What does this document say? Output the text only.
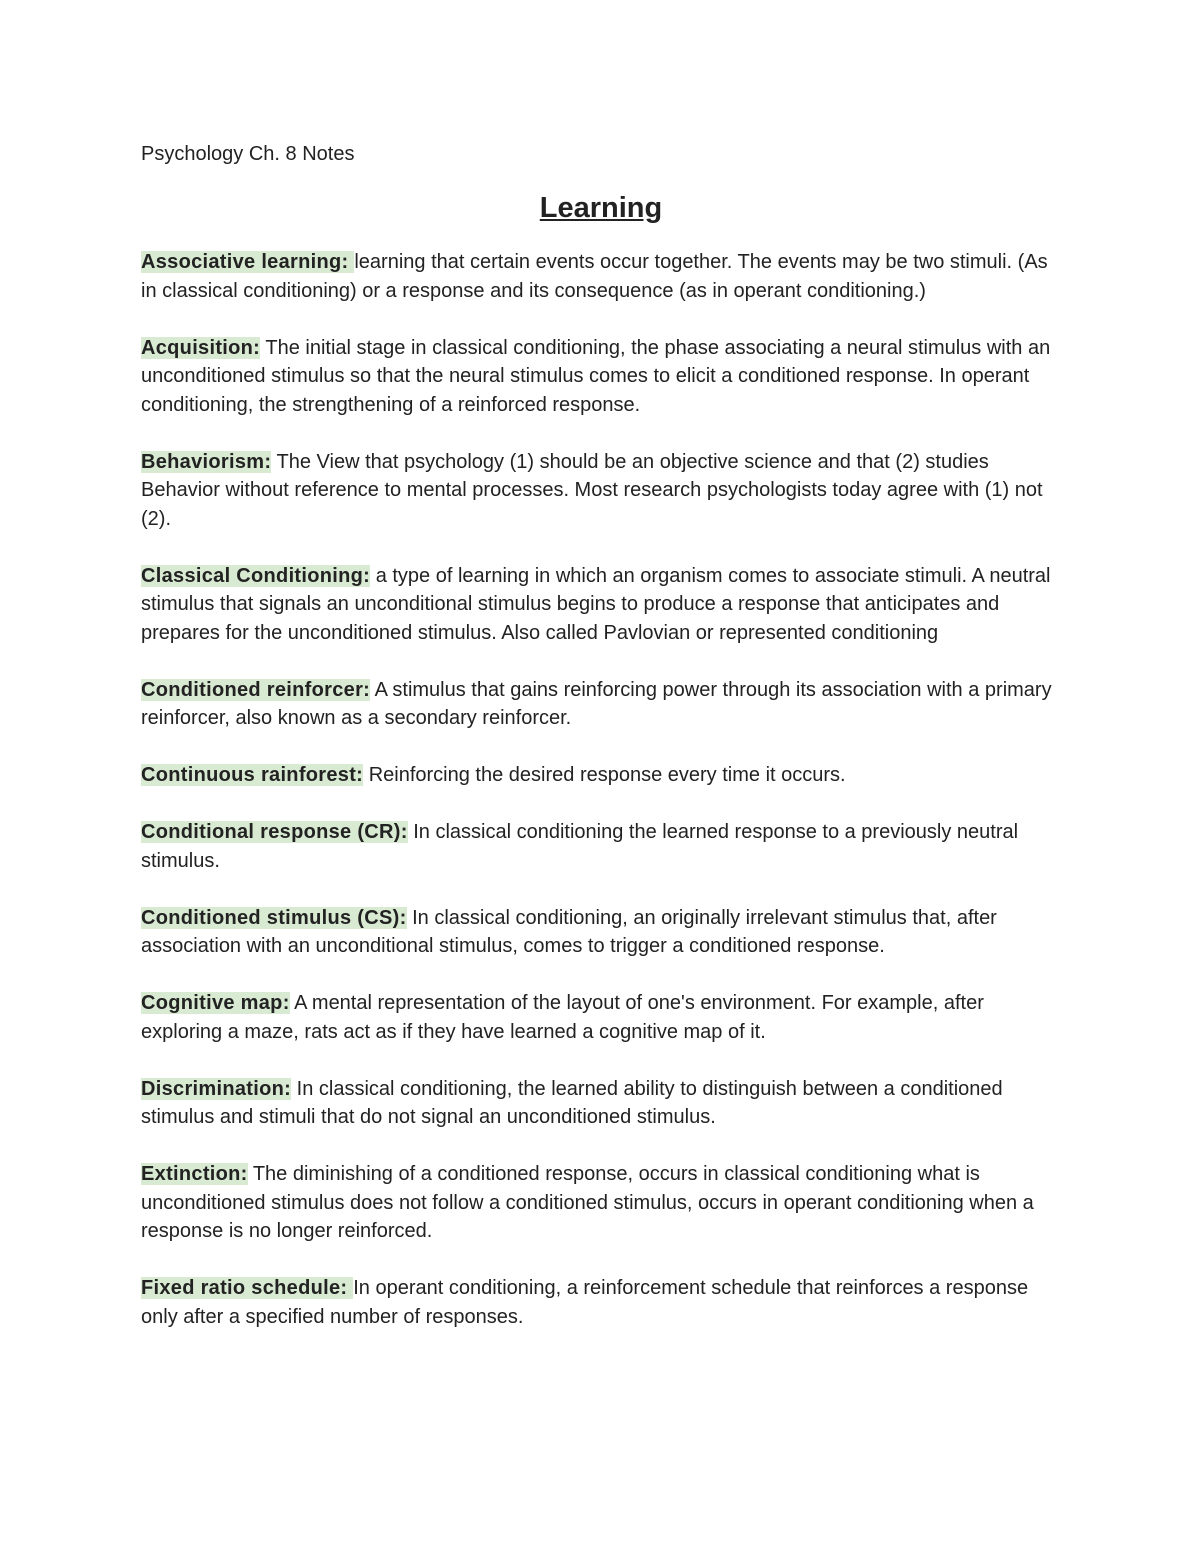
Psychology Ch. 8 Notes

Learning

Associative learning: learning that certain events occur together. The events may be two stimuli. (As in classical conditioning) or a response and its consequence (as in operant conditioning.)

Acquisition: The initial stage in classical conditioning, the phase associating a neural stimulus with an unconditioned stimulus so that the neural stimulus comes to elicit a conditioned response. In operant conditioning, the strengthening of a reinforced response.

Behaviorism: The View that psychology (1) should be an objective science and that (2) studies Behavior without reference to mental processes. Most research psychologists today agree with (1) not (2).

Classical Conditioning: a type of learning in which an organism comes to associate stimuli. A neutral stimulus that signals an unconditional stimulus begins to produce a response that anticipates and prepares for the unconditioned stimulus. Also called Pavlovian or represented conditioning

Conditioned reinforcer: A stimulus that gains reinforcing power through its association with a primary reinforcer, also known as a secondary reinforcer.

Continuous rainforest: Reinforcing the desired response every time it occurs.

Conditional response (CR): In classical conditioning the learned response to a previously neutral stimulus.

Conditioned stimulus (CS): In classical conditioning, an originally irrelevant stimulus that, after association with an unconditional stimulus, comes to trigger a conditioned response.

Cognitive map: A mental representation of the layout of one's environment. For example, after exploring a maze, rats act as if they have learned a cognitive map of it.

Discrimination: In classical conditioning, the learned ability to distinguish between a conditioned stimulus and stimuli that do not signal an unconditioned stimulus.

Extinction: The diminishing of a conditioned response, occurs in classical conditioning what is unconditioned stimulus does not follow a conditioned stimulus, occurs in operant conditioning when a response is no longer reinforced.

Fixed ratio schedule: In operant conditioning, a reinforcement schedule that reinforces a response only after a specified number of responses.
